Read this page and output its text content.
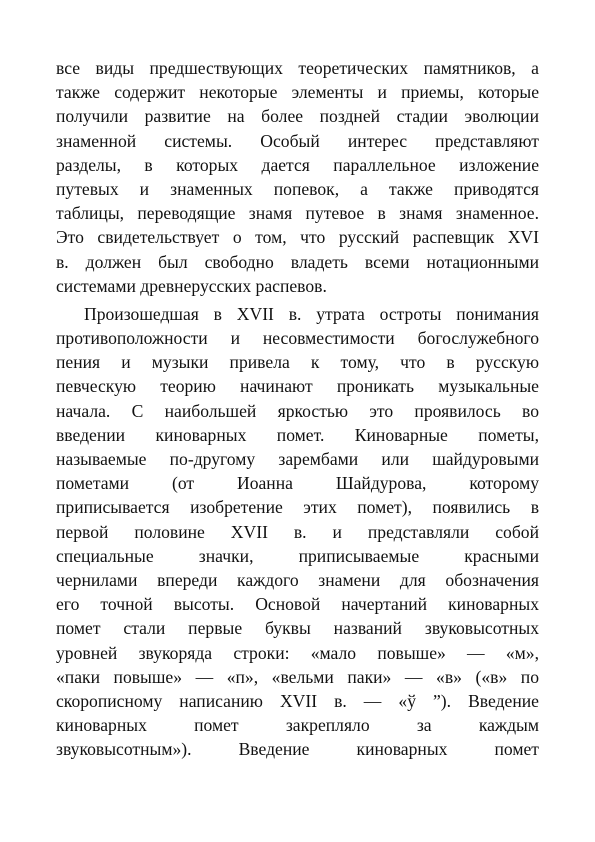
все виды предшествующих теоретических памятников, а
также содержит некоторые элементы и приемы, которые
получили развитие на более поздней стадии эволюции
знаменной системы. Особый интерес представляют
разделы, в которых дается параллельное изложение
путевых и знаменных попевок, а также приводятся
таблицы, переводящие знамя путевое в знамя знаменное.
Это свидетельствует о том, что русский распевщик XVI
в. должен был свободно владеть всеми нотационными
системами древнерусских распевов.
Произошедшая в XVII в. утрата остроты понимания
противоположности и несовместимости богослужебного
пения и музыки привела к тому, что в русскую
певческую теорию начинают проникать музыкальные
начала. С наибольшей яркостью это проявилось во
введении киноварных помет. Киноварные пометы,
называемые по-другому зарембами или шайдуровыми
пометами (от Иоанна Шайдурова, которому
приписывается изобретение этих помет), появились в
первой половине XVII в. и представляли собой
специальные значки, приписываемые красными
чернилами впереди каждого знамени для обозначения
его точной высоты. Основой начертаний киноварных
помет стали первые буквы названий звуковысотных
уровней звукоряда строки: «мало повыше» — «м»,
«паки повыше» — «п», «вельми паки» — «в» («в» по
скорописному написанию XVII в. — «ў ”). Введение
киноварных помет закрепляло за каждым
звуковысотным»). Введение киноварных помет
